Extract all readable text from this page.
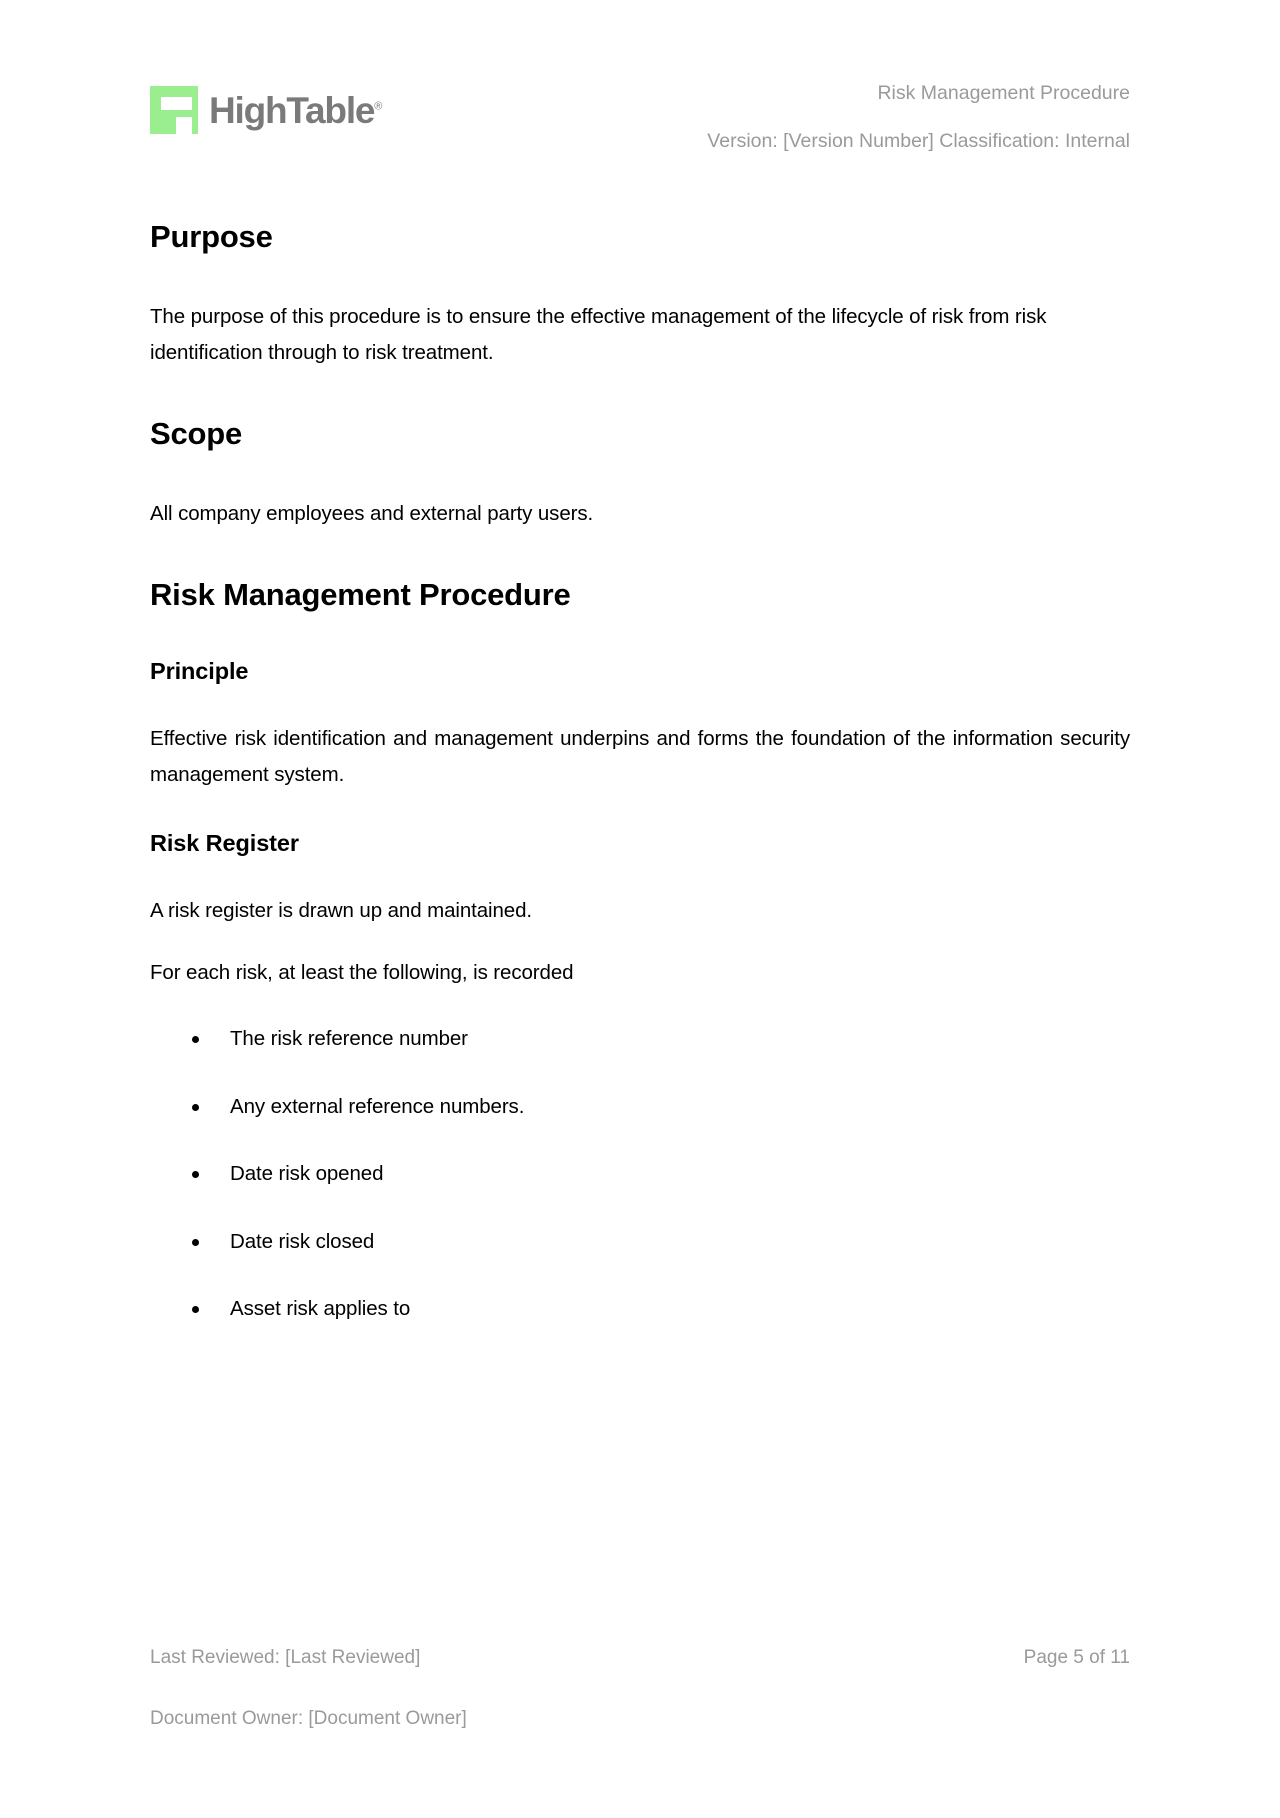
HighTable®
Risk Management Procedure
Version: [Version Number] Classification: Internal
Purpose

The purpose of this procedure is to ensure the effective management of the lifecycle of risk from risk identification through to risk treatment.

Scope

All company employees and external party users.

Risk Management Procedure
Principle

Effective risk identification and management underpins and forms the foundation of the information security management system.

Risk Register

A risk register is drawn up and maintained.

For each risk, at least the following, is recorded

The risk reference number
Any external reference numbers.
Date risk opened
Date risk closed
Asset risk applies to
Last Reviewed: [Last Reviewed]	Page 5 of 11
Document Owner: [Document Owner]
